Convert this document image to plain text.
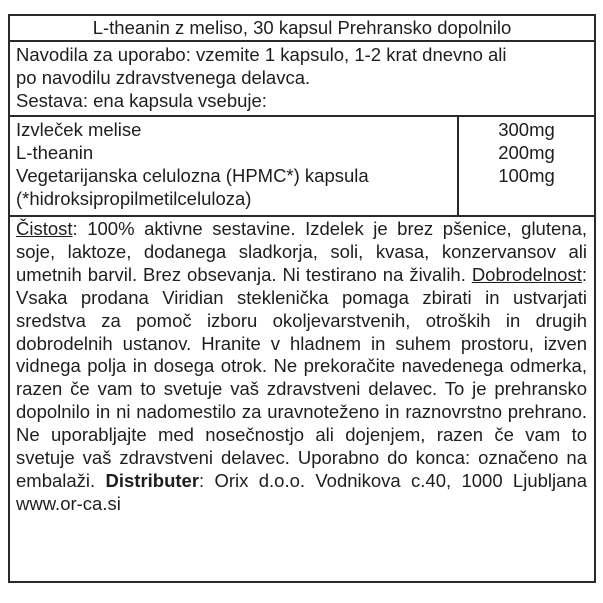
L-theanin z meliso, 30 kapsul Prehransko dopolnilo
Navodila za uporabo: vzemite 1 kapsulo, 1-2 krat dnevno ali
po navodilu zdravstvenega delavca.
Sestava: ena kapsula vsebuje:
Izvleček melise
L-theanin
Vegetarijanska celulozna (HPMC*) kapsula
(*hidroksipropilmetilceluloza)
300mg
200mg
100mg
Čistost: 100% aktivne sestavine. Izdelek je brez pšenice, glutena, soje, laktoze, dodanega sladkorja, soli, kvasa, konzervansov ali umetnih barvil. Brez obsevanja. Ni testirano na živalih. Dobrodelnost: Vsaka prodana Viridian steklenička pomaga zbirati in ustvarjati sredstva za pomoč izboru okoljevarstvenih, otroških in drugih dobrodelnih ustanov. Hranite v hladnem in suhem prostoru, izven vidnega polja in dosega otrok. Ne prekoračite navedenega odmerka, razen če vam to svetuje vaš zdravstveni delavec. To je prehransko dopolnilo in ni nadomestilo za uravnoteženo in raznovrstno prehrano. Ne uporabljajte med nosečnostjo ali dojenjem, razen če vam to svetuje vaš zdravstveni delavec. Uporabno do konca: označeno na embalaži. Distributer: Orix d.o.o. Vodnikova c.40, 1000 Ljubljana www.or-ca.si
